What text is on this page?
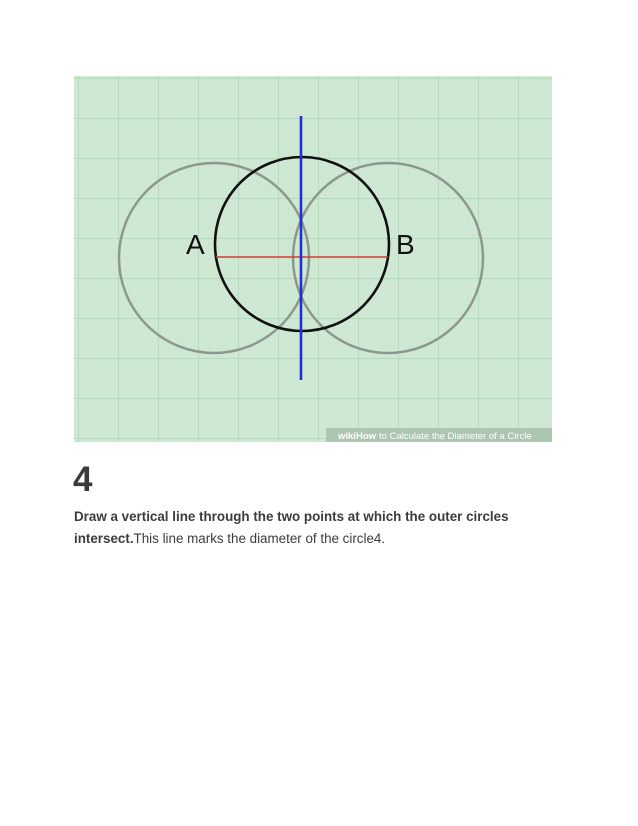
A	B
wikiHow to Calculate the Diameter of a Circle
4
Draw a vertical line through the two points at which the outer circles intersect.This line marks the diameter of the circle4.
